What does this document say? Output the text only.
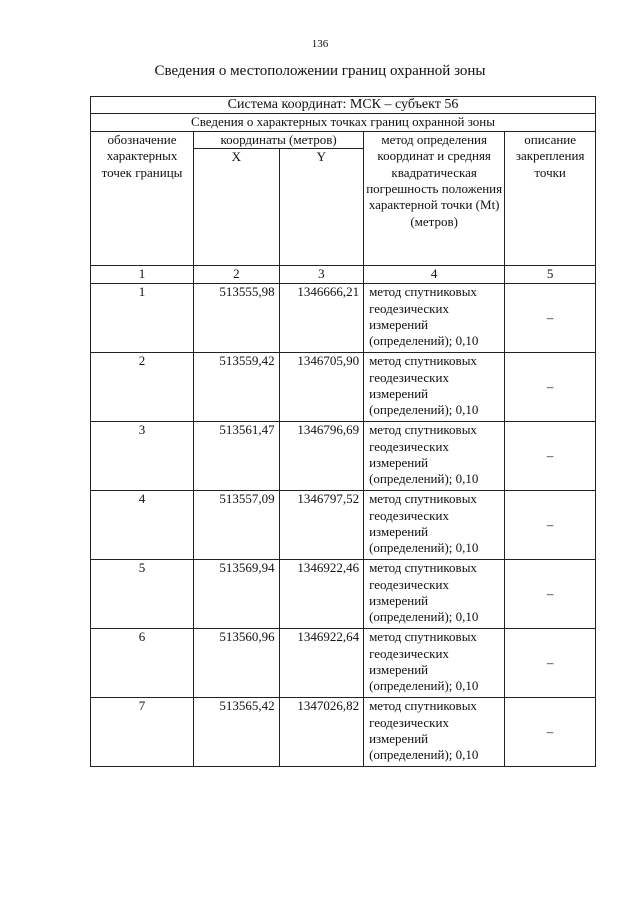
136
Сведения о местоположении границ охранной зоны
Система координат: МСК – субъект 56				
Сведения о характерных точках границ охранной зоны				
обозначение характерных точек границы	координаты (метров)		метод определения координат и средняя квадратическая погрешность положения характерной точки (Mt) (метров)	описание закрепления точки
	X	Y		
1	2	3	4	5
1	513555,98	1346666,21	метод спутниковых геодезических измерений (определений); 0,10	–
2	513559,42	1346705,90	метод спутниковых геодезических измерений (определений); 0,10	–
3	513561,47	1346796,69	метод спутниковых геодезических измерений (определений); 0,10	–
4	513557,09	1346797,52	метод спутниковых геодезических измерений (определений); 0,10	–
5	513569,94	1346922,46	метод спутниковых геодезических измерений (определений); 0,10	–
6	513560,96	1346922,64	метод спутниковых геодезических измерений (определений); 0,10	–
7	513565,42	1347026,82	метод спутниковых геодезических измерений (определений); 0,10	–
